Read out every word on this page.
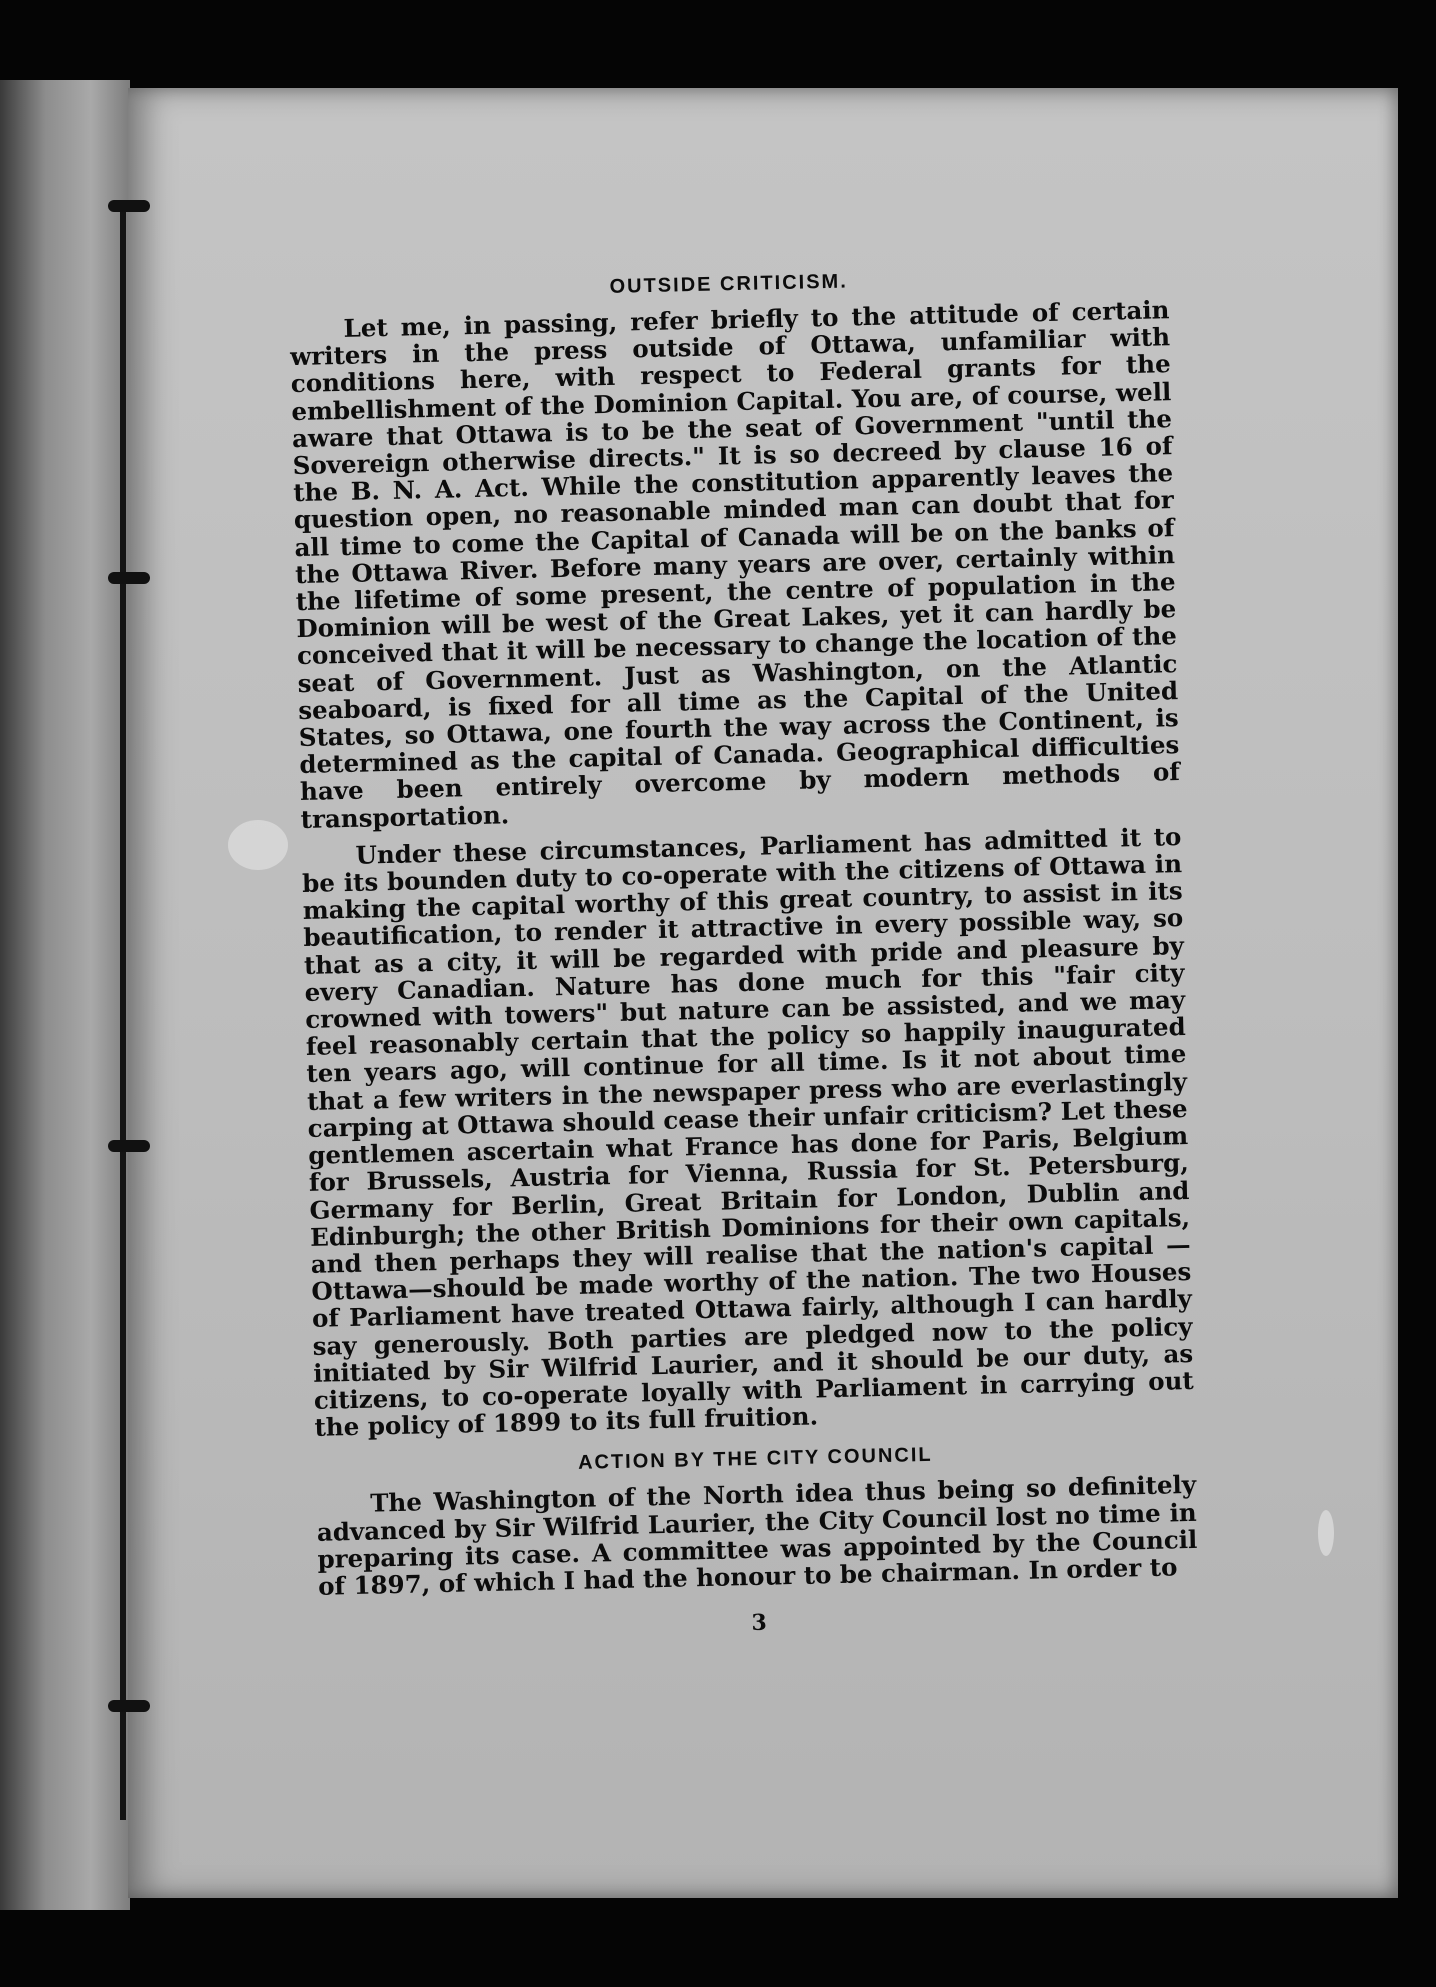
OUTSIDE CRITICISM.

Let me, in passing, refer briefly to the attitude of certain writers in the press outside of Ottawa, unfamiliar with conditions here, with respect to Federal grants for the embellishment of the Dominion Capital. You are, of course, well aware that Ottawa is to be the seat of Government "until the Sovereign otherwise directs." It is so decreed by clause 16 of the B. N. A. Act. While the constitution apparently leaves the question open, no reasonable minded man can doubt that for all time to come the Capital of Canada will be on the banks of the Ottawa River. Before many years are over, certainly within the lifetime of some present, the centre of population in the Dominion will be west of the Great Lakes, yet it can hardly be conceived that it will be necessary to change the location of the seat of Government. Just as Washington, on the Atlantic seaboard, is fixed for all time as the Capital of the United States, so Ottawa, one fourth the way across the Continent, is determined as the capital of Canada. Geographical difficulties have been entirely overcome by modern methods of transportation.

Under these circumstances, Parliament has admitted it to be its bounden duty to co-operate with the citizens of Ottawa in making the capital worthy of this great country, to assist in its beautification, to render it attractive in every possible way, so that as a city, it will be regarded with pride and pleasure by every Canadian. Nature has done much for this "fair city crowned with towers" but nature can be assisted, and we may feel reasonably certain that the policy so happily inaugurated ten years ago, will continue for all time. Is it not about time that a few writers in the newspaper press who are everlastingly carping at Ottawa should cease their unfair criticism? Let these gentlemen ascertain what France has done for Paris, Belgium for Brussels, Austria for Vienna, Russia for St. Petersburg, Germany for Berlin, Great Britain for London, Dublin and Edinburgh; the other British Dominions for their own capitals, and then perhaps they will realise that the nation's capital —Ottawa—should be made worthy of the nation. The two Houses of Parliament have treated Ottawa fairly, although I can hardly say generously. Both parties are pledged now to the policy initiated by Sir Wilfrid Laurier, and it should be our duty, as citizens, to co-operate loyally with Parliament in carrying out the policy of 1899 to its full fruition.

ACTION BY THE CITY COUNCIL

The Washington of the North idea thus being so definitely advanced by Sir Wilfrid Laurier, the City Council lost no time in preparing its case. A committee was appointed by the Council of 1897, of which I had the honour to be chairman. In order to

3
